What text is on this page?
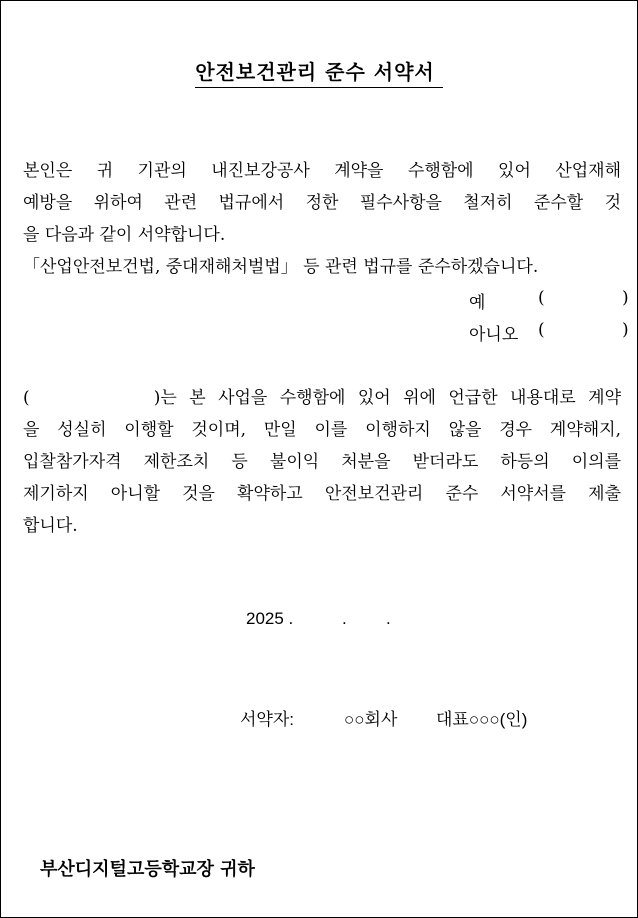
안전보건관리 준수 서약서
본인은 귀 기관의 내진보강공사 계약을 수행함에 있어 산업재해
예방을 위하여 관련 법규에서 정한 필수사항을 철저히 준수할 것
을 다음과 같이 서약합니다.
「산업안전보건법, 중대재해처벌법」 등 관련 법규를 준수하겠습니다.
예	(	)
아니오 (	)
(          )는 본 사업을 수행함에 있어 위에 언급한 내용대로 계약
을 성실히 이행할 것이며, 만일 이를 이행하지 않을 경우 계약해지,
입찰참가자격 제한조치 등 불이익 처분을 받더라도 하등의 이의를
제기하지 아니할 것을 확약하고 안전보건관리 준수 서약서를 제출
합니다.
2025 .	. .
서약자:	○○회사 대표○○○(인)
부산디지털고등학교장 귀하
